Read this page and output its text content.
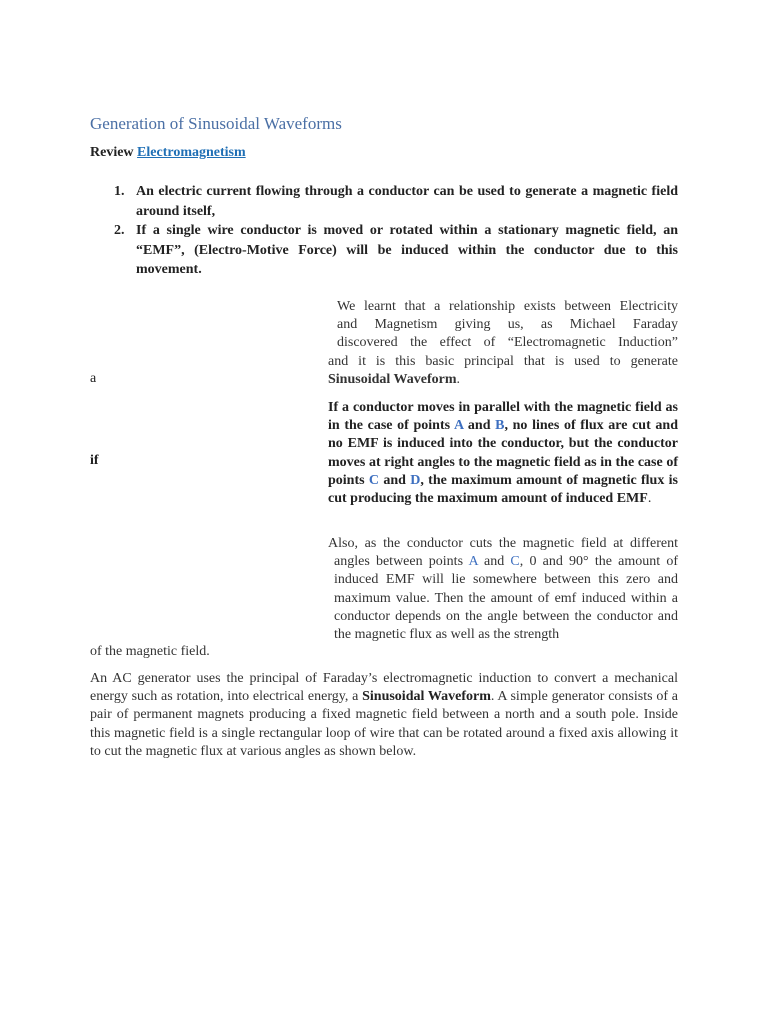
Generation of Sinusoidal Waveforms
Review Electromagnetism
1. An electric current flowing through a conductor can be used to generate a magnetic field around itself,
2. If a single wire conductor is moved or rotated within a stationary magnetic field, an “EMF”, (Electro-Motive Force) will be induced within the conductor due to this movement.
a
if
We learnt that a relationship exists between Electricity
and Magnetism giving us, as Michael Faraday
discovered the effect of “Electromagnetic Induction”
and it is this basic principal that is used to generate
Sinusoidal Waveform.
If a conductor moves in parallel with the magnetic field as in the case of points A and B, no lines of flux are cut and no EMF is induced into the conductor, but the conductor moves at right angles to the magnetic field as in the case of points C and D, the maximum amount of magnetic flux is cut producing the maximum amount of induced EMF.
Also, as the conductor cuts the magnetic field at different
angles between points A and C, 0 and 90° the amount of induced EMF will lie somewhere between this zero and maximum value. Then the amount of emf induced within a conductor depends on the angle between the conductor and the magnetic flux as well as the strength
of the magnetic field.
An AC generator uses the principal of Faraday’s electromagnetic induction to convert a mechanical energy such as rotation, into electrical energy, a Sinusoidal Waveform. A simple generator consists of a pair of permanent magnets producing a fixed magnetic field between a north and a south pole. Inside this magnetic field is a single rectangular loop of wire that can be rotated around a fixed axis allowing it to cut the magnetic flux at various angles as shown below.
